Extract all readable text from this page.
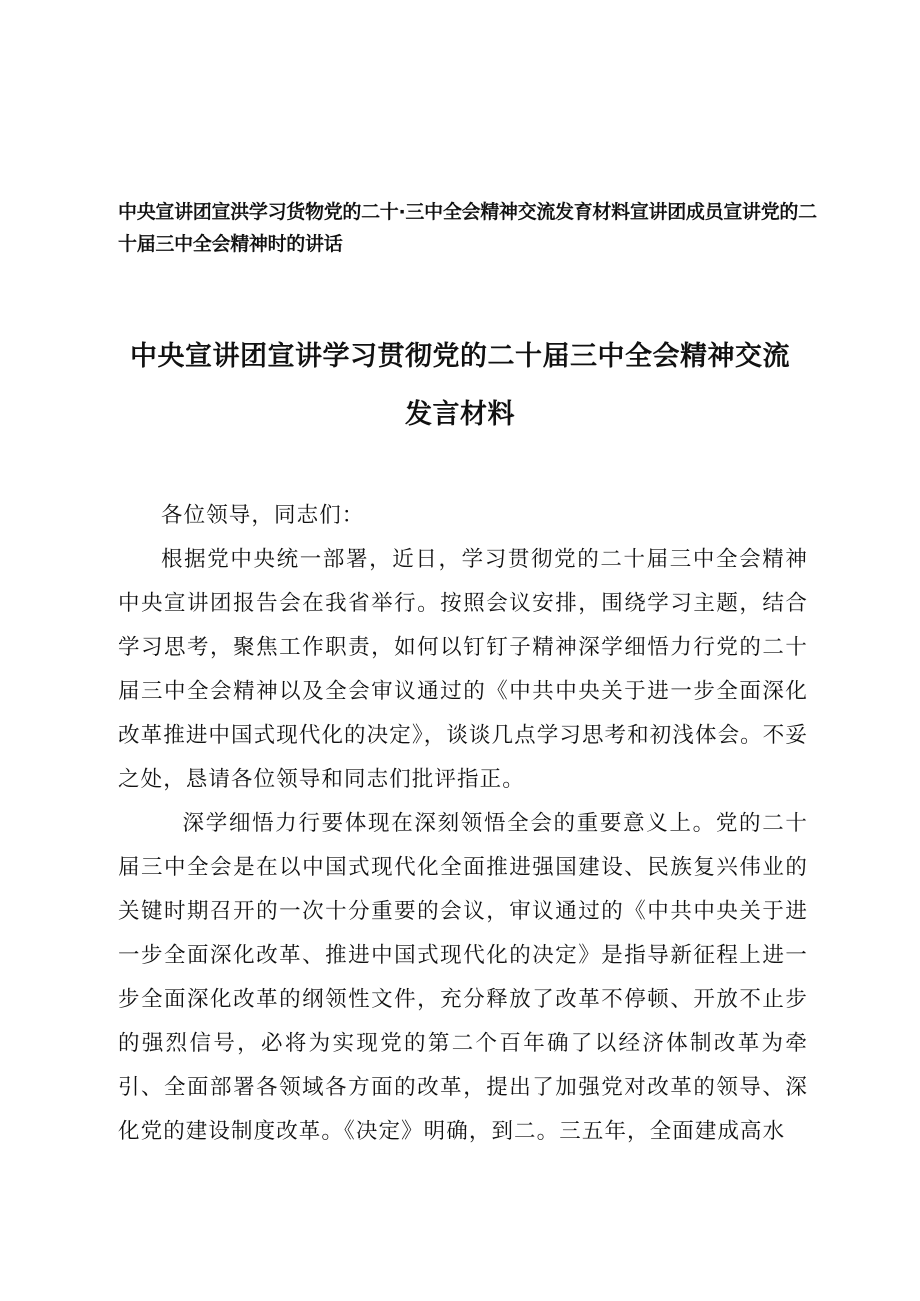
中央宣讲团宣洪学习货物党的二十·三中全会精神交流发育材料宣讲团成员宣讲党的二十届三中全会精神时的讲话

中央宣讲团宣讲学习贯彻党的二十届三中全会精神交流
发言材料

各位领导，同志们：

根据党中央统一部署，近日，学习贯彻党的二十届三中全会精神中央宣讲团报告会在我省举行。按照会议安排，围绕学习主题，结合学习思考，聚焦工作职责，如何以钉钉子精神深学细悟力行党的二十届三中全会精神以及全会审议通过的《中共中央关于进一步全面深化改革推进中国式现代化的决定》，谈谈几点学习思考和初浅体会。不妥之处，恳请各位领导和同志们批评指正。

深学细悟力行要体现在深刻领悟全会的重要意义上。党的二十届三中全会是在以中国式现代化全面推进强国建设、民族复兴伟业的关键时期召开的一次十分重要的会议，审议通过的《中共中央关于进一步全面深化改革、推进中国式现代化的决定》是指导新征程上进一步全面深化改革的纲领性文件，充分释放了改革不停顿、开放不止步的强烈信号，必将为实现党的第二个百年确了以经济体制改革为牵引、全面部署各领域各方面的改革，提出了加强党对改革的领导、深化党的建设制度改革。《决定》明确，到二。三五年，全面建成高水
